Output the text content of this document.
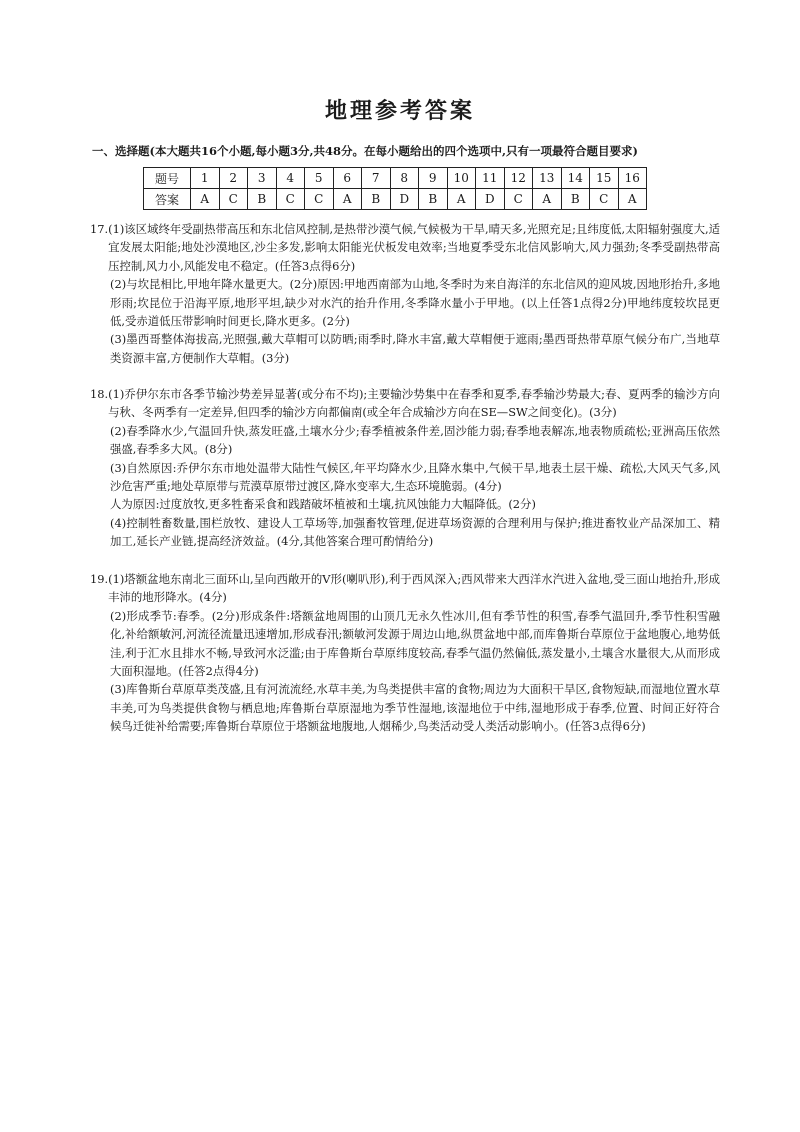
地理参考答案
一、选择题(本大题共16个小题,每小题3分,共48分。在每小题给出的四个选项中,只有一项最符合题目要求)
题号	1	2	3	4	5	6	7	8	9	10	11	12	13	14	15	16
答案	A	C	B	C	C	A	B	D	B	A	D	C	A	B	C	A
17. (1)该区域终年受副热带高压和东北信风控制,是热带沙漠气候,气候极为干旱,晴天多,光照充足;且纬度低,太阳辐射强度大,适宜发展太阳能;地处沙漠地区,沙尘多发,影响太阳能光伏板发电效率;当地夏季受东北信风影响大,风力强劲;冬季受副热带高压控制,风力小,风能发电不稳定。(任答3点得6分)

(2)与坎昆相比,甲地年降水量更大。(2分)原因:甲地西南部为山地,冬季时为来自海洋的东北信风的迎风坡,因地形抬升,多地形雨;坎昆位于沿海平原,地形平坦,缺少对水汽的抬升作用,冬季降水量小于甲地。(以上任答1点得2分)甲地纬度较坎昆更低,受赤道低压带影响时间更长,降水更多。(2分)

(3)墨西哥整体海拔高,光照强,戴大草帽可以防晒;雨季时,降水丰富,戴大草帽便于遮雨;墨西哥热带草原气候分布广,当地草类资源丰富,方便制作大草帽。(3分)

18. (1)乔伊尔东市各季节输沙势差异显著(或分布不均);主要输沙势集中在春季和夏季,春季输沙势最大;春、夏两季的输沙方向与秋、冬两季有一定差异,但四季的输沙方向都偏南(或全年合成输沙方向在SE—SW之间变化)。(3分)

(2)春季降水少,气温回升快,蒸发旺盛,土壤水分少;春季植被条件差,固沙能力弱;春季地表解冻,地表物质疏松;亚洲高压依然强盛,春季多大风。(8分)

(3)自然原因:乔伊尔东市地处温带大陆性气候区,年平均降水少,且降水集中,气候干旱,地表土层干燥、疏松,大风天气多,风沙危害严重;地处草原带与荒漠草原带过渡区,降水变率大,生态环境脆弱。(4分)

人为原因:过度放牧,更多牲畜采食和践踏破坏植被和土壤,抗风蚀能力大幅降低。(2分)

(4)控制牲畜数量,围栏放牧、建设人工草场等,加强畜牧管理,促进草场资源的合理利用与保护;推进畜牧业产品深加工、精加工,延长产业链,提高经济效益。(4分,其他答案合理可酌情给分)

19. (1)塔额盆地东南北三面环山,呈向西敞开的V形(喇叭形),利于西风深入;西风带来大西洋水汽进入盆地,受三面山地抬升,形成丰沛的地形降水。(4分)

(2)形成季节:春季。(2分)形成条件:塔额盆地周围的山顶几无永久性冰川,但有季节性的积雪,春季气温回升,季节性积雪融化,补给额敏河,河流径流量迅速增加,形成春汛;额敏河发源于周边山地,纵贯盆地中部,而库鲁斯台草原位于盆地腹心,地势低洼,利于汇水且排水不畅,导致河水泛滥;由于库鲁斯台草原纬度较高,春季气温仍然偏低,蒸发量小,土壤含水量很大,从而形成大面积湿地。(任答2点得4分)

(3)库鲁斯台草原草类茂盛,且有河流流经,水草丰美,为鸟类提供丰富的食物;周边为大面积干旱区,食物短缺,而湿地位置水草丰美,可为鸟类提供食物与栖息地;库鲁斯台草原湿地为季节性湿地,该湿地位于中纬,湿地形成于春季,位置、时间正好符合候鸟迁徙补给需要;库鲁斯台草原位于塔额盆地腹地,人烟稀少,鸟类活动受人类活动影响小。(任答3点得6分)
